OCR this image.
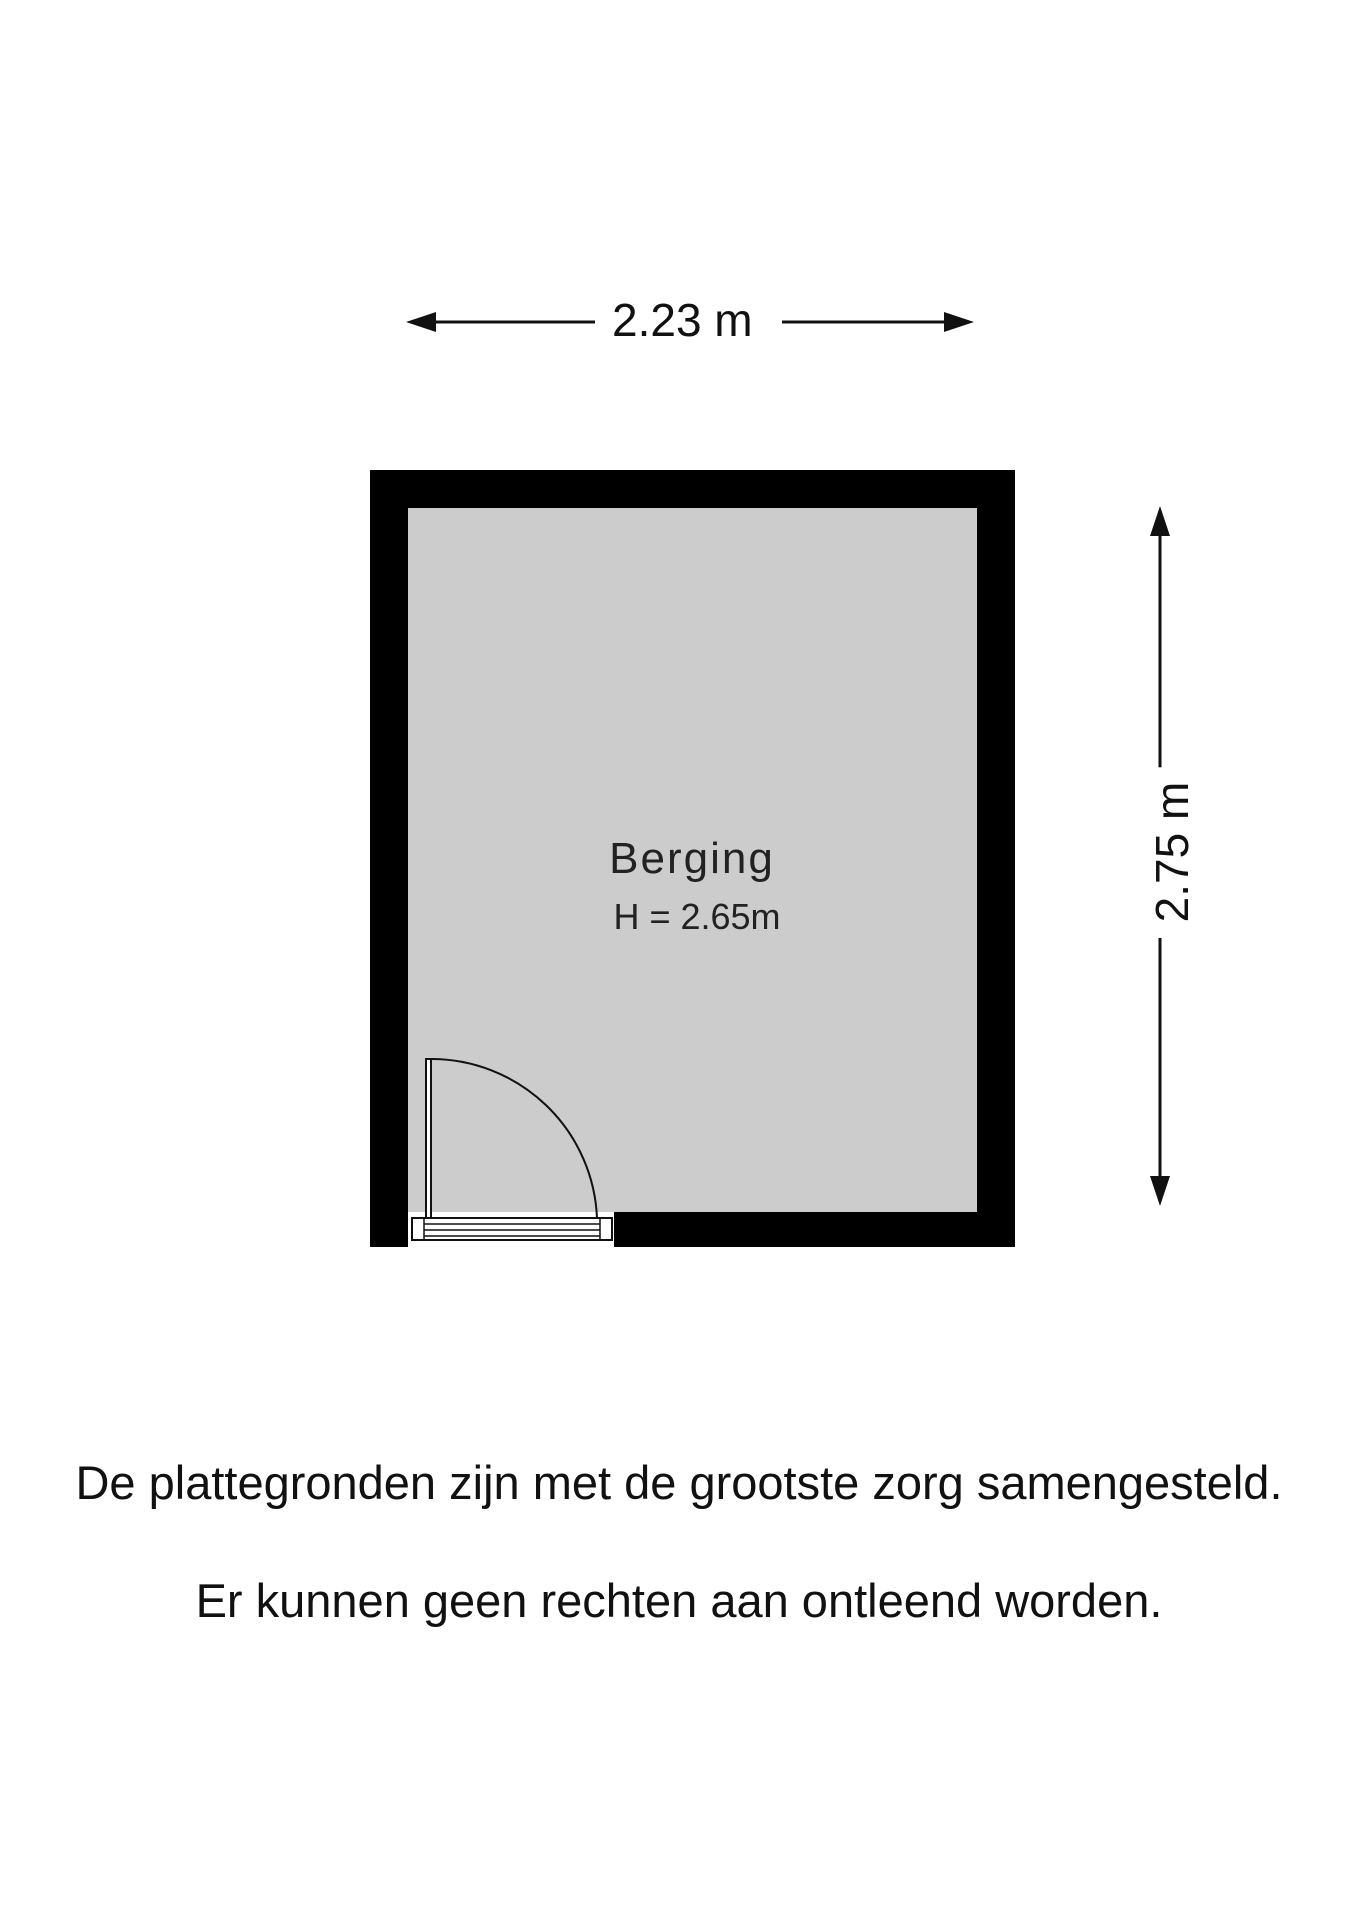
2.23 m
2.75 m
Berging
H = 2.65m
De plattegronden zijn met de grootste zorg samengesteld.
Er kunnen geen rechten aan ontleend worden.
